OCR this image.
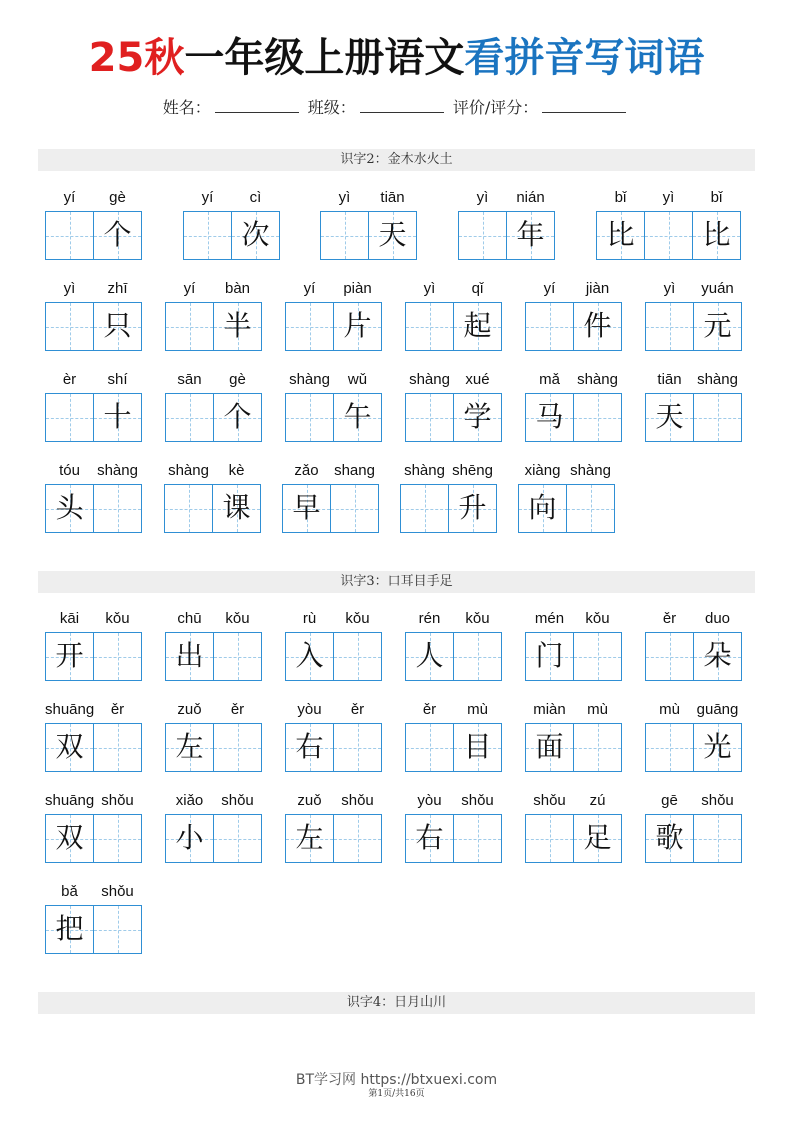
25秋一年级上册语文看拼音写词语
姓名：	班级：	评价/评分：
识字2：金木水火土
识字3：口耳目手足
识字4：日月山川
yí	gè
个
yí	cì
次
yì	tiān
天
yì	nián
年
bǐ	yì	bǐ
比	比
yì	zhī
只
yí	bàn
半
yí	piàn
片
yì	qǐ
起
yí	jiàn
件
yì	yuán
元
èr	shí
十
sān	gè
个
shàng	wǔ
午
shàng	xué
学
mǎ	shàng
马
tiān	shàng
天
tóu	shàng
头
shàng	kè
课
zǎo	shang
早
shàng shēng
升
xiàng shàng
向
kāi	kǒu
开
chū	kǒu
出
rù	kǒu
入
rén	kǒu
人
mén	kǒu
门
ěr	duo
朵
shuāng	ěr
双
zuǒ	ěr
左
yòu	ěr
右
ěr	mù
目
miàn	mù
面
mù	guāng
光
shuāng shǒu
双
xiǎo	shǒu
小
zuǒ	shǒu
左
yòu	shǒu
右
shǒu	zú
足
gē	shǒu
歌
bǎ	shǒu
把
BT学习网 https://btxuexi.com
第1页/共16页
